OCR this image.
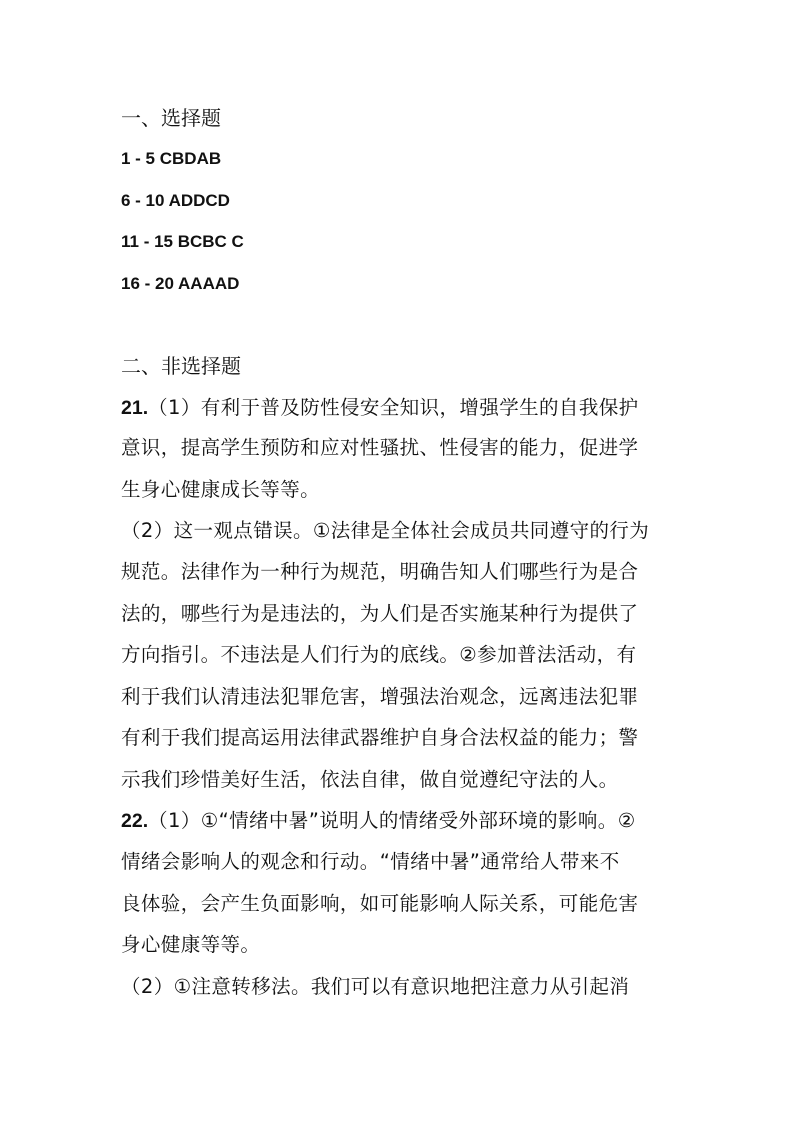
一、选择题

1 - 5 CBDAB

6 - 10 ADDCD

11 - 15 BCBC C

16 - 20 AAAAD

二、非选择题

21.（1）有利于普及防性侵安全知识，增强学生的自我保护

意识，提高学生预防和应对性骚扰、性侵害的能力，促进学

生身心健康成长等等。

（2）这一观点错误。①法律是全体社会成员共同遵守的行为

规范。法律作为一种行为规范，明确告知人们哪些行为是合

法的，哪些行为是违法的，为人们是否实施某种行为提供了

方向指引。不违法是人们行为的底线。②参加普法活动，有

利于我们认清违法犯罪危害，增强法治观念，远离违法犯罪

有利于我们提高运用法律武器维护自身合法权益的能力；警

示我们珍惜美好生活，依法自律，做自觉遵纪守法的人。

22.（1）①“情绪中暑”说明人的情绪受外部环境的影响。②

情绪会影响人的观念和行动。“情绪中暑”通常给人带来不

良体验，会产生负面影响，如可能影响人际关系，可能危害

身心健康等等。

（2）①注意转移法。我们可以有意识地把注意力从引起消
